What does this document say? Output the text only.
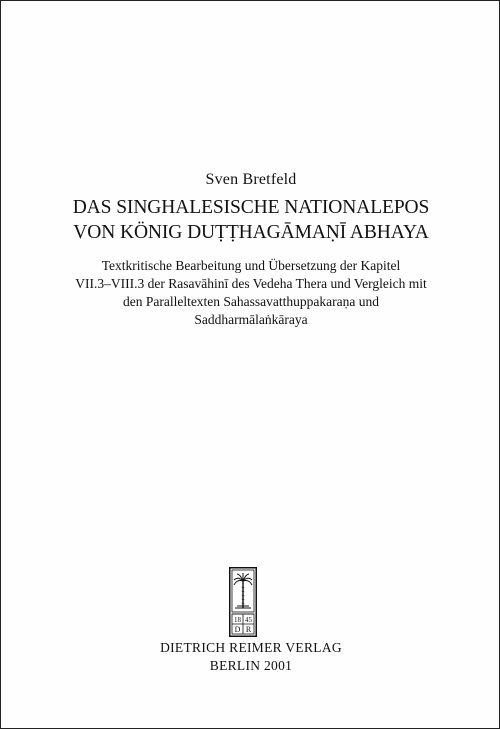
Sven Bretfeld
DAS SINGHALESISCHE NATIONALEPOS
VON KÖNIG DUṬṬHAGĀMAṆĪ ABHAYA
Textkritische Bearbeitung und Übersetzung der Kapitel
VII.3–VIII.3 der Rasavāhinī des Vedeha Thera und Vergleich mit
den Paralleltexten Sahassavatthuppakaraṇa und
Saddharmālaṅkāraya
18 45
D R
DIETRICH REIMER VERLAG
BERLIN 2001
